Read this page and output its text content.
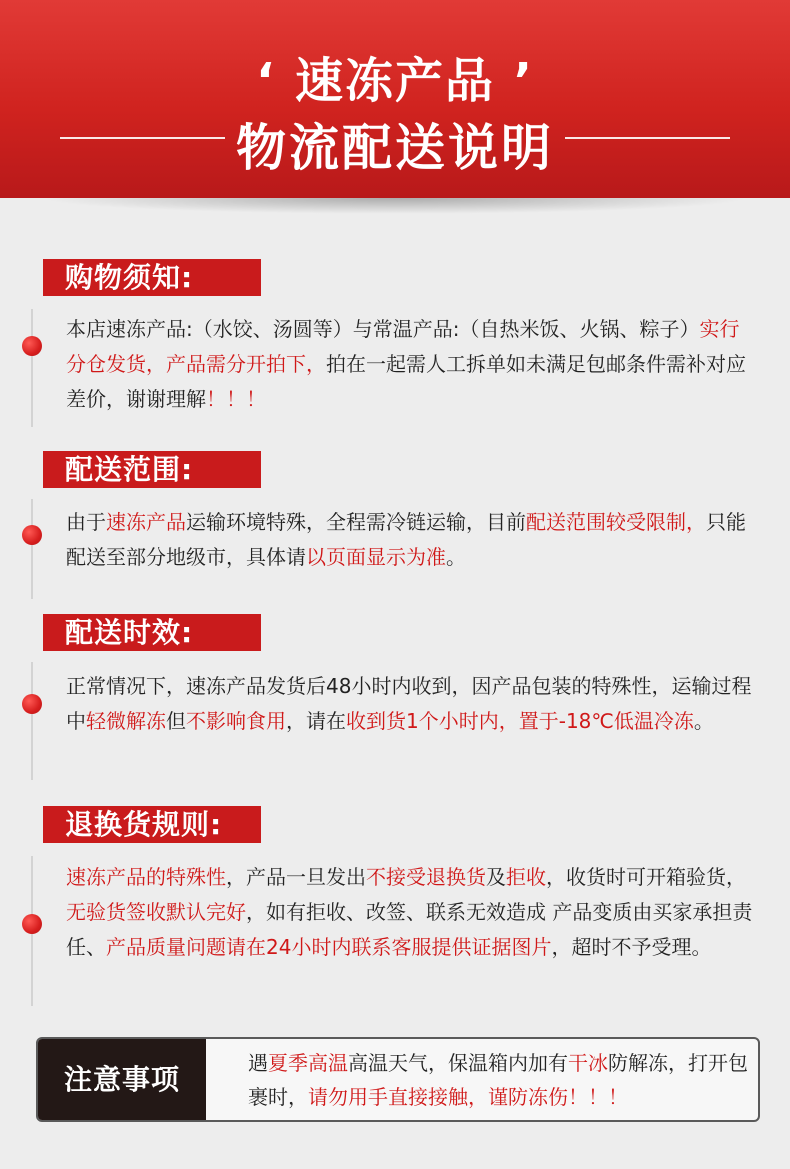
‘ 速冻产品 ’
物流配送说明
购物须知:
本店速冻产品:（水饺、汤圆等）与常温产品:（自热米饭、火锅、粽子）实行分仓发货，产品需分开拍下，拍在一起需人工拆单如未满足包邮条件需补对应差价，谢谢理解！！！
配送范围:
由于速冻产品运输环境特殊，全程需冷链运输，目前配送范围较受限制，只能配送至部分地级市，具体请以页面显示为准。
配送时效:
正常情况下，速冻产品发货后48小时内收到，因产品包装的特殊性，运输过程中轻微解冻但不影响食用，请在收到货1个小时内，置于-18℃低温冷冻。
退换货规则:
速冻产品的特殊性，产品一旦发出不接受退换货及拒收，收货时可开箱验货，无验货签收默认完好，如有拒收、改签、联系无效造成 产品变质由买家承担责任、产品质量问题请在24小时内联系客服提供证据图片，超时不予受理。
注意事项	遇夏季高温高温天气，保温箱内加有干冰防解冻，打开包裹时，请勿用手直接接触，谨防冻伤！！！
